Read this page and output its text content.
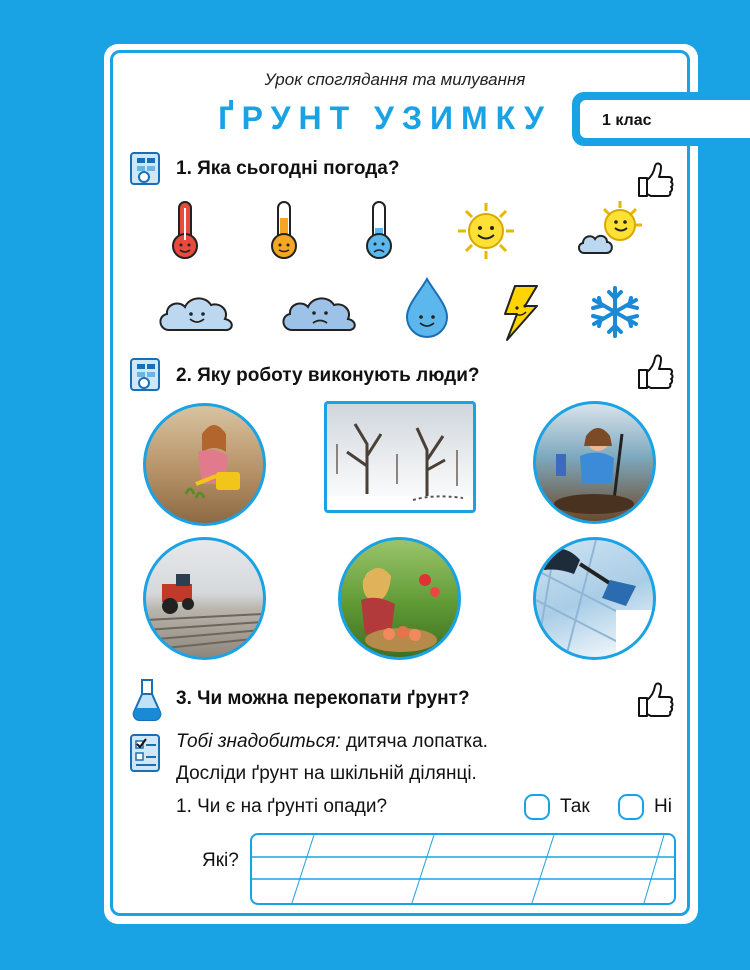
Урок споглядання та милування
ҐРУНТ УЗИМКУ	1 клас
1. Яка сьогодні погода?
2. Яку роботу виконують люди?
3. Чи можна перекопати ґрунт?
Тобі знадобиться: дитяча лопатка.
Досліди ґрунт на шкільній ділянці.
1. Чи є на ґрунті опади?	Так	Ні
Які?
